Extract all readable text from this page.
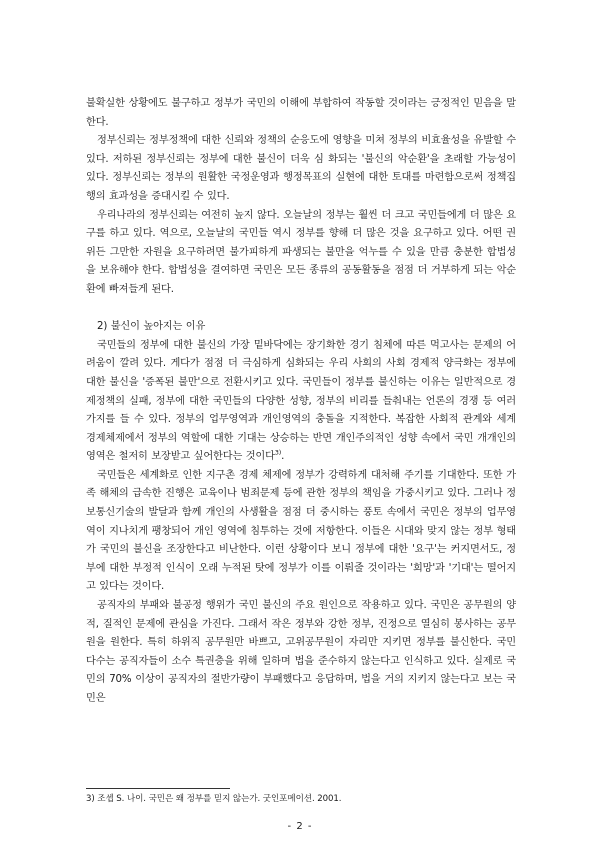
불확실한 상황에도 불구하고 정부가 국민의 이해에 부합하여 작동할 것이라는 긍정적인 믿음을 말한다.

정부신뢰는 정부정책에 대한 신뢰와 정책의 순응도에 영향을 미쳐 정부의 비효율성을 유발할 수 있다. 저하된 정부신뢰는 정부에 대한 불신이 더욱 심 화되는 '불신의 악순환'을 초래할 가능성이 있다. 정부신뢰는 정부의 원활한 국정운영과 행정목표의 실현에 대한 토대를 마련함으로써 정책집행의 효과성을 증대시킬 수 있다.

우리나라의 정부신뢰는 여전히 높지 않다. 오늘날의 정부는 훨씬 더 크고 국민들에게 더 많은 요구를 하고 있다. 역으로, 오늘날의 국민들 역시 정부를 향해 더 많은 것을 요구하고 있다. 어떤 권위든 그만한 자원을 요구하려면 불가피하게 파생되는 불만을 억누를 수 있을 만큼 충분한 합법성을 보유해야 한다. 합법성을 결여하면 국민은 모든 종류의 공동활동을 점점 더 거부하게 되는 악순환에 빠져들게 된다.

2) 불신이 높아지는 이유

국민들의 정부에 대한 불신의 가장 밑바닥에는 장기화한 경기 침체에 따른 먹고사는 문제의 어려움이 깔려 있다. 게다가 점점 더 극심하게 심화되는 우리 사회의 사회 경제적 양극화는 정부에 대한 불신을 '증폭된 불만'으로 전환시키고 있다. 국민들이 정부를 불신하는 이유는 일반적으로 경제정책의 실패, 정부에 대한 국민들의 다양한 성향, 정부의 비리를 들춰내는 언론의 경쟁 등 여러 가지를 들 수 있다. 정부의 업무영역과 개인영역의 충돌을 지적한다. 복잡한 사회적 관계와 세계 경제체제에서 정부의 역할에 대한 기대는 상승하는 반면 개인주의적인 성향 속에서 국민 개개인의 영역은 철저히 보장받고 싶어한다는 것이다$^{3)}$.

국민들은 세계화로 인한 지구촌 경제 체제에 정부가 강력하게 대처해 주기를 기대한다. 또한 가족 해체의 급속한 진행은 교육이나 범죄문제 등에 관한 정부의 책임을 가중시키고 있다. 그러나 정보통신기술의 발달과 함께 개인의 사생활을 점점 더 중시하는 풍토 속에서 국민은 정부의 업무영역이 지나치게 팽창되어 개인 영역에 침투하는 것에 저항한다. 이들은 시대와 맞지 않는 정부 형태가 국민의 불신을 조장한다고 비난한다. 이런 상황이다 보니 정부에 대한 '요구'는 커지면서도, 정부에 대한 부정적 인식이 오래 누적된 탓에 정부가 이를 이뤄줄 것이라는 '희망'과 '기대'는 떨어지고 있다는 것이다.

공직자의 부패와 불공정 행위가 국민 불신의 주요 원인으로 작용하고 있다. 국민은 공무원의 양적, 질적인 문제에 관심을 가진다. 그래서 작은 정부와 강한 정부, 진정으로 열심히 봉사하는 공무원을 원한다. 특히 하위직 공무원만 바쁘고, 고위공무원이 자리만 지키면 정부를 불신한다. 국민 다수는 공직자들이 소수 특권층을 위해 일하며 법을 준수하지 않는다고 인식하고 있다. 실제로 국민의 70% 이상이 공직자의 절반가량이 부패했다고 응답하며, 법을 거의 지키지 않는다고 보는 국민은

3) 조셉 S. 나이. 국민은 왜 정부를 믿지 않는가. 굿인포메이션. 2001.
- 2 -
